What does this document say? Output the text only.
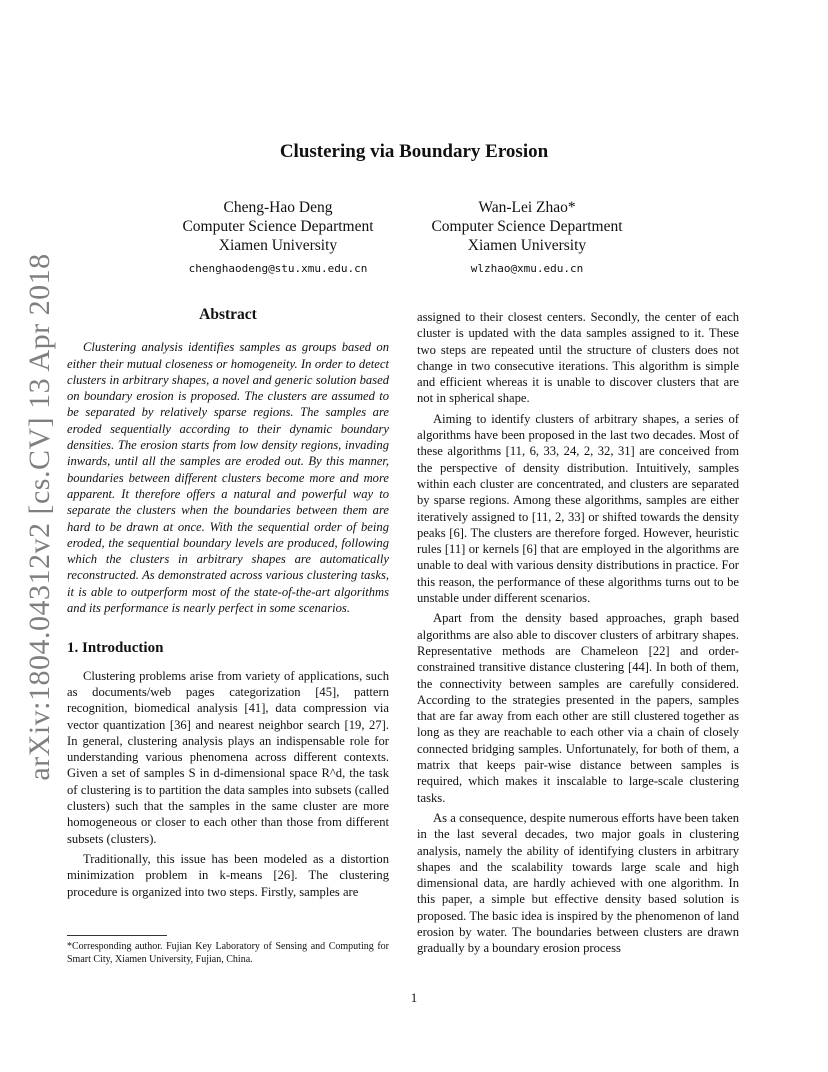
arXiv:1804.04312v2 [cs.CV] 13 Apr 2018
Clustering via Boundary Erosion
Cheng-Hao Deng
Computer Science Department
Xiamen University
chenghaodeng@stu.xmu.edu.cn
Wan-Lei Zhao*
Computer Science Department
Xiamen University
wlzhao@xmu.edu.cn
Abstract

Clustering analysis identifies samples as groups based on either their mutual closeness or homogeneity. In order to detect clusters in arbitrary shapes, a novel and generic solution based on boundary erosion is proposed. The clusters are assumed to be separated by relatively sparse regions. The samples are eroded sequentially according to their dynamic boundary densities. The erosion starts from low density regions, invading inwards, until all the samples are eroded out. By this manner, boundaries between different clusters become more and more apparent. It therefore offers a natural and powerful way to separate the clusters when the boundaries between them are hard to be drawn at once. With the sequential order of being eroded, the sequential boundary levels are produced, following which the clusters in arbitrary shapes are automatically reconstructed. As demonstrated across various clustering tasks, it is able to outperform most of the state-of-the-art algorithms and its performance is nearly perfect in some scenarios.

1. Introduction

Clustering problems arise from variety of applications, such as documents/web pages categorization [45], pattern recognition, biomedical analysis [41], data compression via vector quantization [36] and nearest neighbor search [19, 27]. In general, clustering analysis plays an indispensable role for understanding various phenomena across different contexts. Given a set of samples S in d-dimensional space R^d, the task of clustering is to partition the data samples into subsets (called clusters) such that the samples in the same cluster are more homogeneous or closer to each other than those from different subsets (clusters).

Traditionally, this issue has been modeled as a distortion minimization problem in k-means [26]. The clustering procedure is organized into two steps. Firstly, samples are

assigned to their closest centers. Secondly, the center of each cluster is updated with the data samples assigned to it. These two steps are repeated until the structure of clusters does not change in two consecutive iterations. This algorithm is simple and efficient whereas it is unable to discover clusters that are not in spherical shape.

Aiming to identify clusters of arbitrary shapes, a series of algorithms have been proposed in the last two decades. Most of these algorithms [11, 6, 33, 24, 2, 32, 31] are conceived from the perspective of density distribution. Intuitively, samples within each cluster are concentrated, and clusters are separated by sparse regions. Among these algorithms, samples are either iteratively assigned to [11, 2, 33] or shifted towards the density peaks [6]. The clusters are therefore forged. However, heuristic rules [11] or kernels [6] that are employed in the algorithms are unable to deal with various density distributions in practice. For this reason, the performance of these algorithms turns out to be unstable under different scenarios.

Apart from the density based approaches, graph based algorithms are also able to discover clusters of arbitrary shapes. Representative methods are Chameleon [22] and order-constrained transitive distance clustering [44]. In both of them, the connectivity between samples are carefully considered. According to the strategies presented in the papers, samples that are far away from each other are still clustered together as long as they are reachable to each other via a chain of closely connected bridging samples. Unfortunately, for both of them, a matrix that keeps pair-wise distance between samples is required, which makes it inscalable to large-scale clustering tasks.

As a consequence, despite numerous efforts have been taken in the last several decades, two major goals in clustering analysis, namely the ability of identifying clusters in arbitrary shapes and the scalability towards large scale and high dimensional data, are hardly achieved with one algorithm. In this paper, a simple but effective density based solution is proposed. The basic idea is inspired by the phenomenon of land erosion by water. The boundaries between clusters are drawn gradually by a boundary erosion process

*Corresponding author. Fujian Key Laboratory of Sensing and Computing for Smart City, Xiamen University, Fujian, China.
1
